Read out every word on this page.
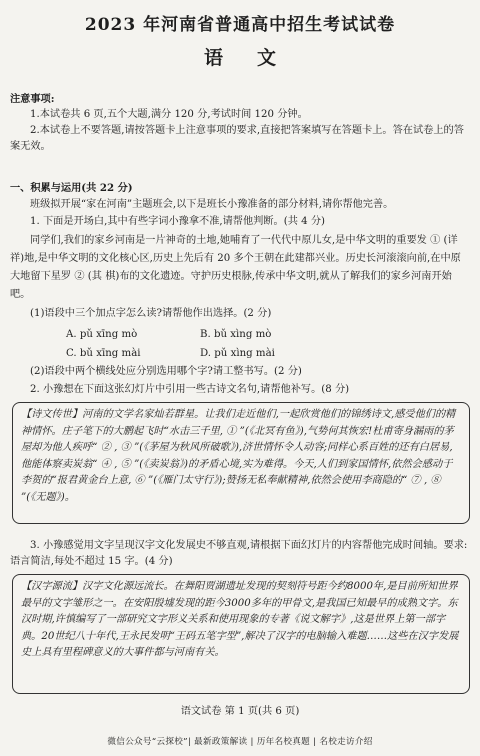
2023 年河南省普通高中招生考试试卷
语文
注意事项:
1.本试卷共 6 页,五个大题,满分 120 分,考试时间 120 分钟。
2.本试卷上不要答题,请按答题卡上注意事项的要求,直接把答案填写在答题卡上。答在试卷上的答案无效。
一、积累与运用(共 22 分)
班级拟开展“家在河南”主题班会,以下是班长小豫准备的部分材料,请你帮他完善。
1. 下面是开场白,其中有些字词小豫拿不准,请帮他判断。(共 4 分)
同学们,我们的家乡河南是一片神奇的土地,她哺育了一代代中原儿女,是中华文明的重要发 ① (详 祥)地,是中华文明的文化核心区,历史上先后有 20 多个王朝在此建都兴业。历史长河滚滚向前,在中原大地留下星罗 ② (其 棋)布的文化遗迹。守护历史根脉,传承中华文明,就从了解我们的家乡河南开始吧。
(1)语段中三个加点字怎么读?请帮他作出选择。(2 分)
A. pǔ xīng mò	B. bǔ xìng mò
C. bǔ xīng mài	D. pǔ xìng mài
(2)语段中两个横线处应分别选用哪个字?请工整书写。(2 分)
2. 小豫想在下面这张幻灯片中引用一些古诗文名句,请帮他补写。(8 分)
【诗文传世】河南的文学名家灿若群星。让我们走近他们,一起欣赏他们的锦绣诗文,感受他们的精神情怀。庄子笔下的大鹏起飞时“水击三千里, ① ”(《北冥有鱼》),气势何其恢宏!杜甫寄身漏雨的茅屋却为他人疾呼“ ② , ③ ”(《茅屋为秋风所破歌》),济世情怀令人动容;同样心系百姓的还有白居易,他能体察卖炭翁“ ④ , ⑤ ”(《卖炭翁》)的矛盾心境,实为难得。今天,人们到家国情怀,依然会感动于李贺的“报君黄金台上意, ⑥ ”(《雁门太守行》);赞扬无私奉献精神,依然会使用李商隐的“ ⑦ , ⑧ ”(《无题》)。
3. 小豫感觉用文字呈现汉字文化发展史不够直观,请根据下面幻灯片的内容帮他完成时间轴。要求:语言简洁,每处不超过 15 字。(4 分)
【汉字源流】汉字文化源远流长。在舞阳贾湖遗址发现的契刻符号距今约8000年,是目前所知世界最早的文字雏形之一。在安阳殷墟发现的距今3000多年的甲骨文,是我国已知最早的成熟文字。东汉时期,许慎编写了一部研究文字形义关系和使用现象的专著《说文解字》,这是世界上第一部字典。20世纪八十年代,王永民发明“王码五笔字型”,解决了汉字的电脑输入难题……这些在汉字发展史上具有里程碑意义的大事件都与河南有关。
语文试卷 第 1 页(共 6 页)
微信公众号“云探校”| 最新政策解读 | 历年名校真题 | 名校走访介绍
